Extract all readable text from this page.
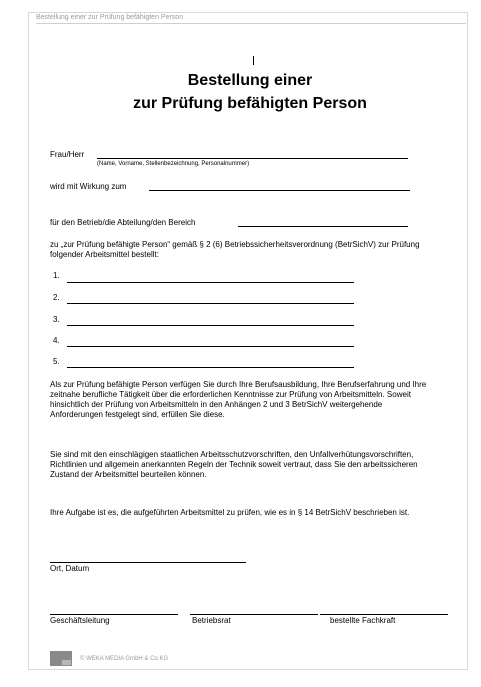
Bestellung einer zur Prüfung befähigten Person
Bestellung einer
zur Prüfung befähigten Person
Frau/Herr
(Name, Vorname, Stellenbezeichnung, Personalnummer)
wird mit Wirkung zum
für den Betrieb/die Abteilung/den Bereich
zu „zur Prüfung befähigte Person“ gemäß § 2 (6) Betriebssicherheitsverordnung (BetrSichV) zur Prüfung folgender Arbeitsmittel bestellt:
1.
2.
3.
4.
5.
Als zur Prüfung befähigte Person verfügen Sie durch Ihre Berufsausbildung, Ihre Berufserfahrung und Ihre zeitnahe berufliche Tätigkeit über die erforderlichen Kenntnisse zur Prüfung von Arbeitsmitteln. Soweit hinsichtlich der Prüfung von Arbeitsmitteln in den Anhängen 2 und 3 BetrSichV weitergehende Anforderungen festgelegt sind, erfüllen Sie diese.
Sie sind mit den einschlägigen staatlichen Arbeitsschutzvorschriften, den Unfallverhütungsvorschriften, Richtlinien und allgemein anerkannten Regeln der Technik soweit vertraut, dass Sie den arbeitssicheren Zustand der Arbeitsmittel beurteilen können.
Ihre Aufgabe ist es, die aufgeführten Arbeitsmittel zu prüfen, wie es in § 14 BetrSichV beschrieben ist.
Ort, Datum
Geschäftsleitung	Betriebsrat	bestellte Fachkraft
© WEKA MEDIA GmbH & Co.KG
